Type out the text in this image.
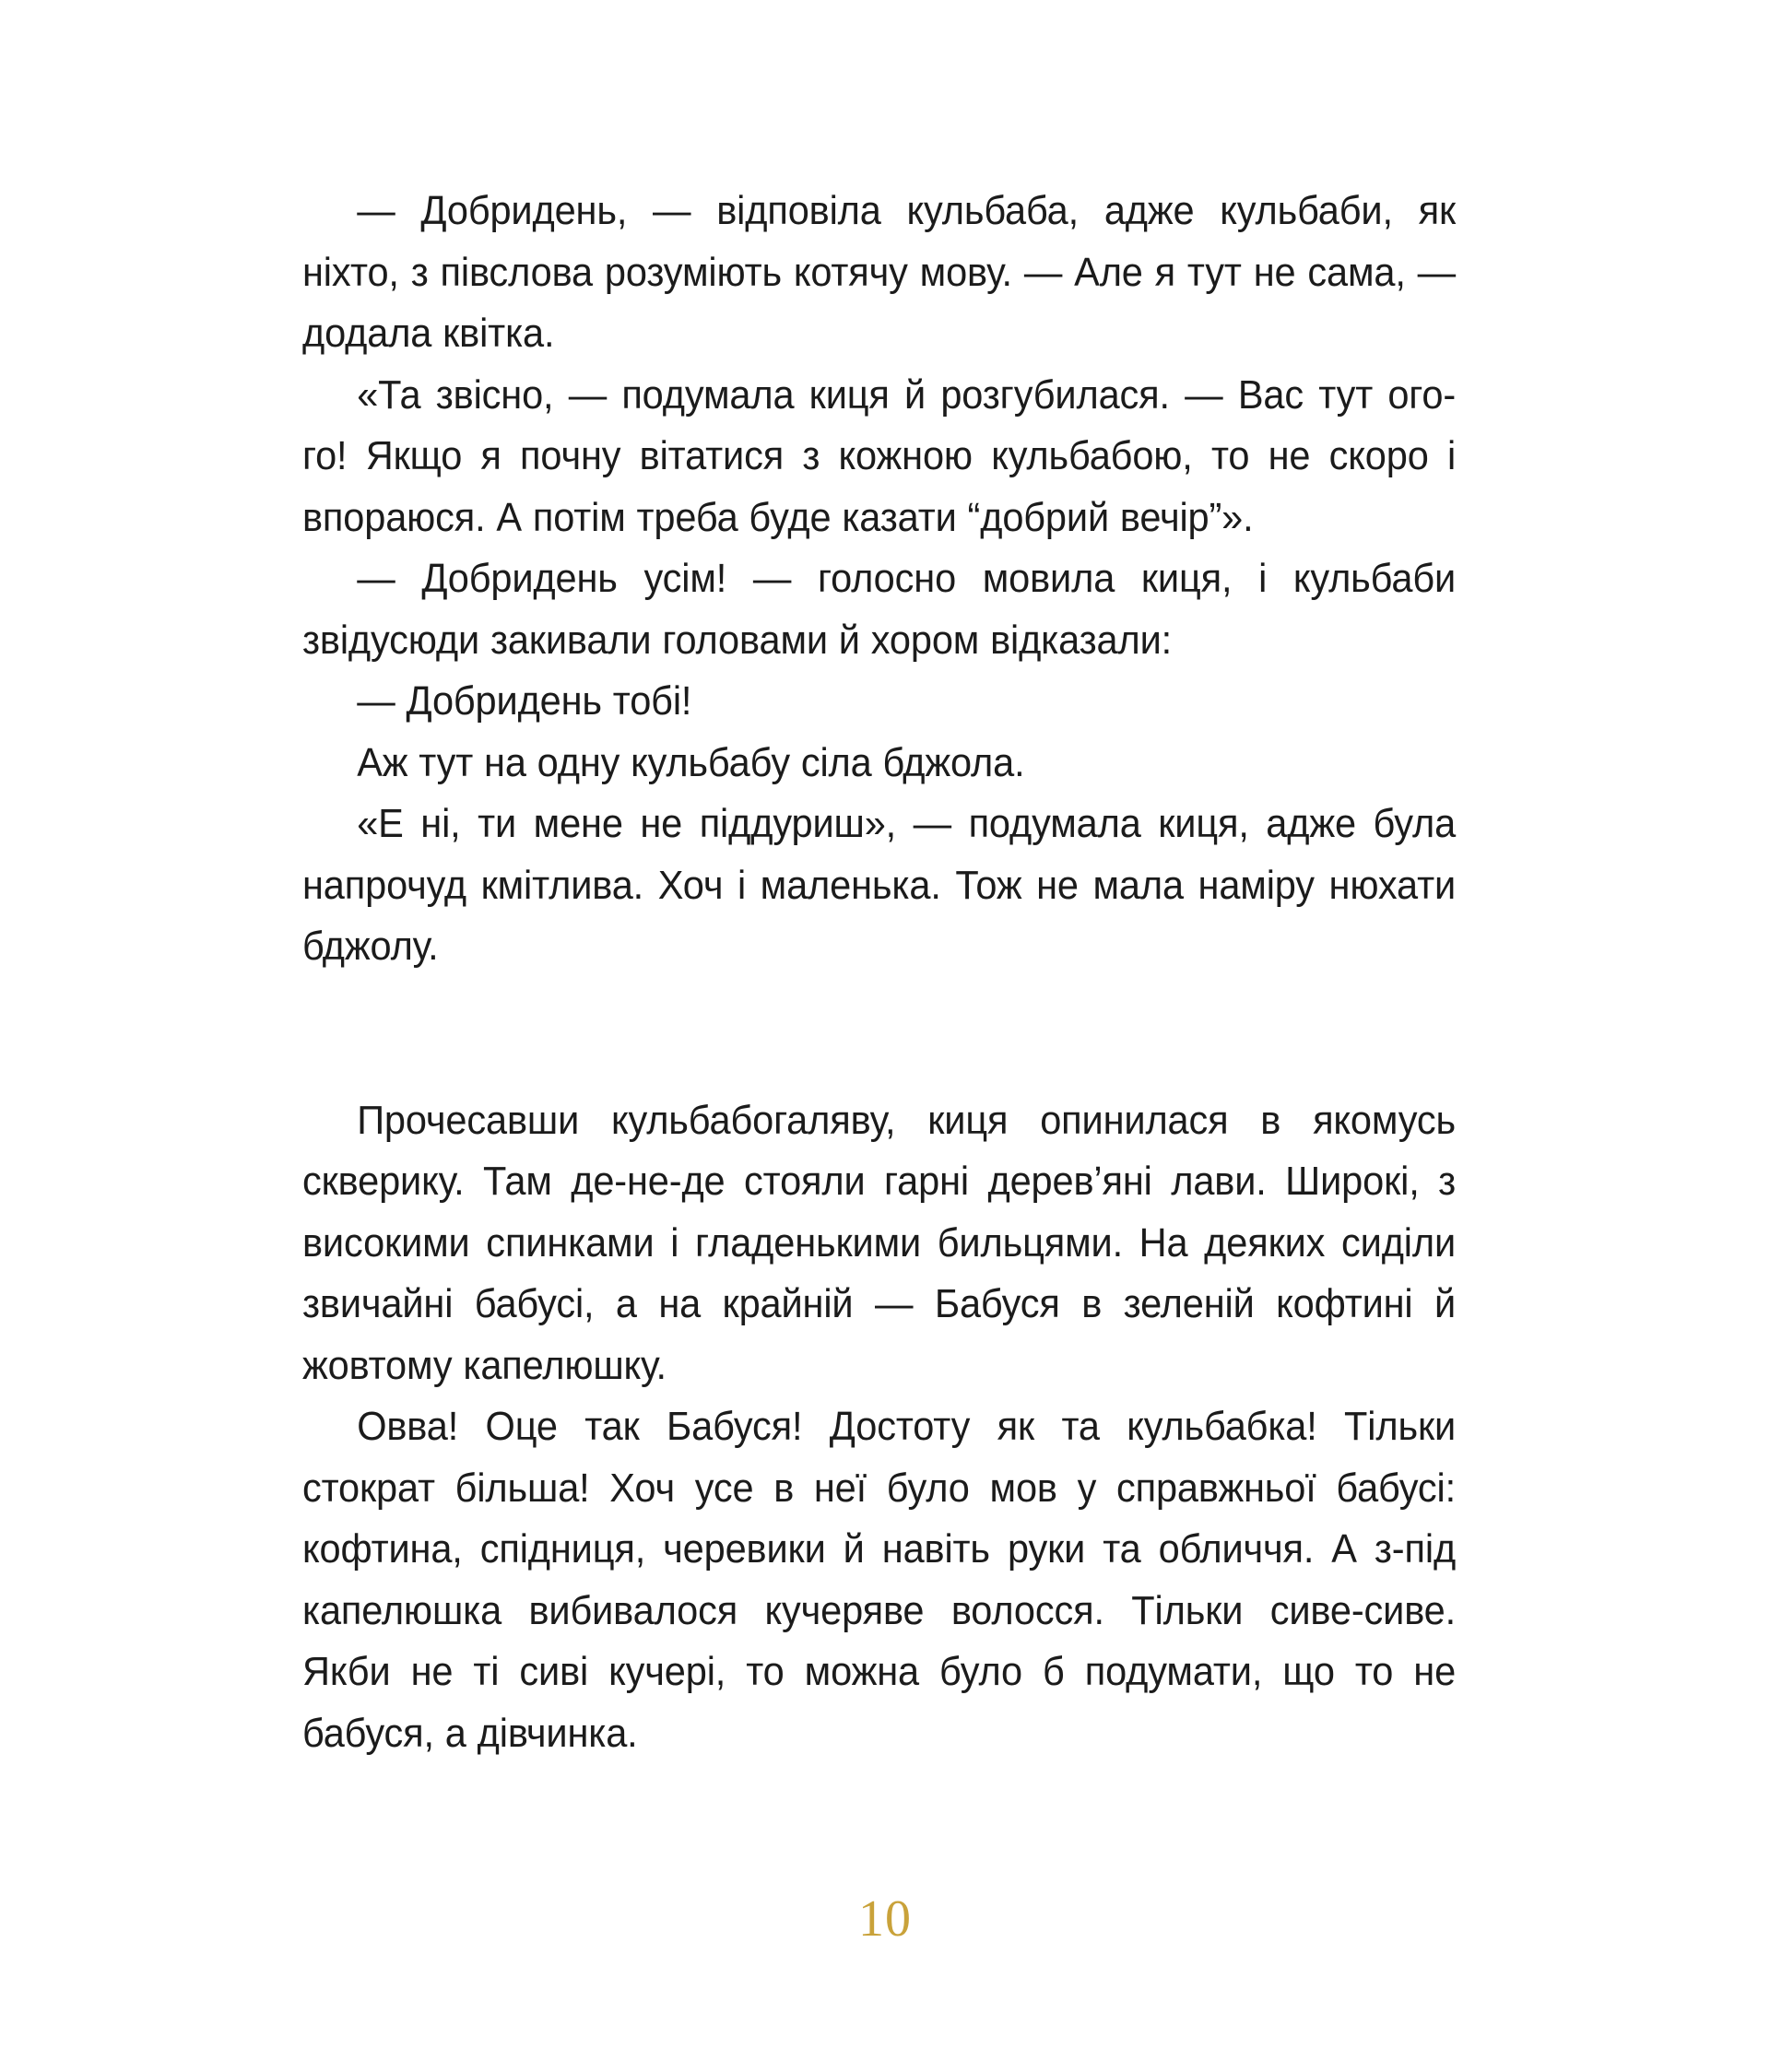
— Добридень, — відповіла кульбаба, адже кульбаби, як ніхто, з півслова розуміють котячу мову. — Але я тут не сама, — додала квітка.

«Та звісно, — подумала киця й розгубилася. — Вас тут ого-го! Якщо я почну вітатися з кожною кульбабою, то не скоро і впораюся. А потім треба буде казати “добрий вечір”».

— Добридень усім! — голосно мовила киця, і кульбаби звідусюди закивали головами й хором відказали:

— Добридень тобі!

Аж тут на одну кульбабу сіла бджола.

«Е ні, ти мене не піддуриш», — подумала киця, адже була напрочуд кмітлива. Хоч і маленька. Тож не мала наміру нюхати бджолу.

Прочесавши кульбабогаляву, киця опинилася в якомусь скверику. Там де-не-де стояли гарні дерев’яні лави. Широкі, з високими спинками і гладенькими бильцями. На деяких сиділи звичайні бабусі, а на крайній — Бабуся в зеленій кофтині й жовтому капелюшку.

Овва! Оце так Бабуся! Достоту як та кульбабка! Тільки стократ більша! Хоч усе в неї було мов у справжньої бабусі: кофтина, спідниця, черевики й навіть руки та обличчя. А з-під капелюшка вибивалося кучеряве волосся. Тільки сиве-сиве. Якби не ті сиві кучері, то можна було б подумати, що то не бабуся, а дівчинка.

10
